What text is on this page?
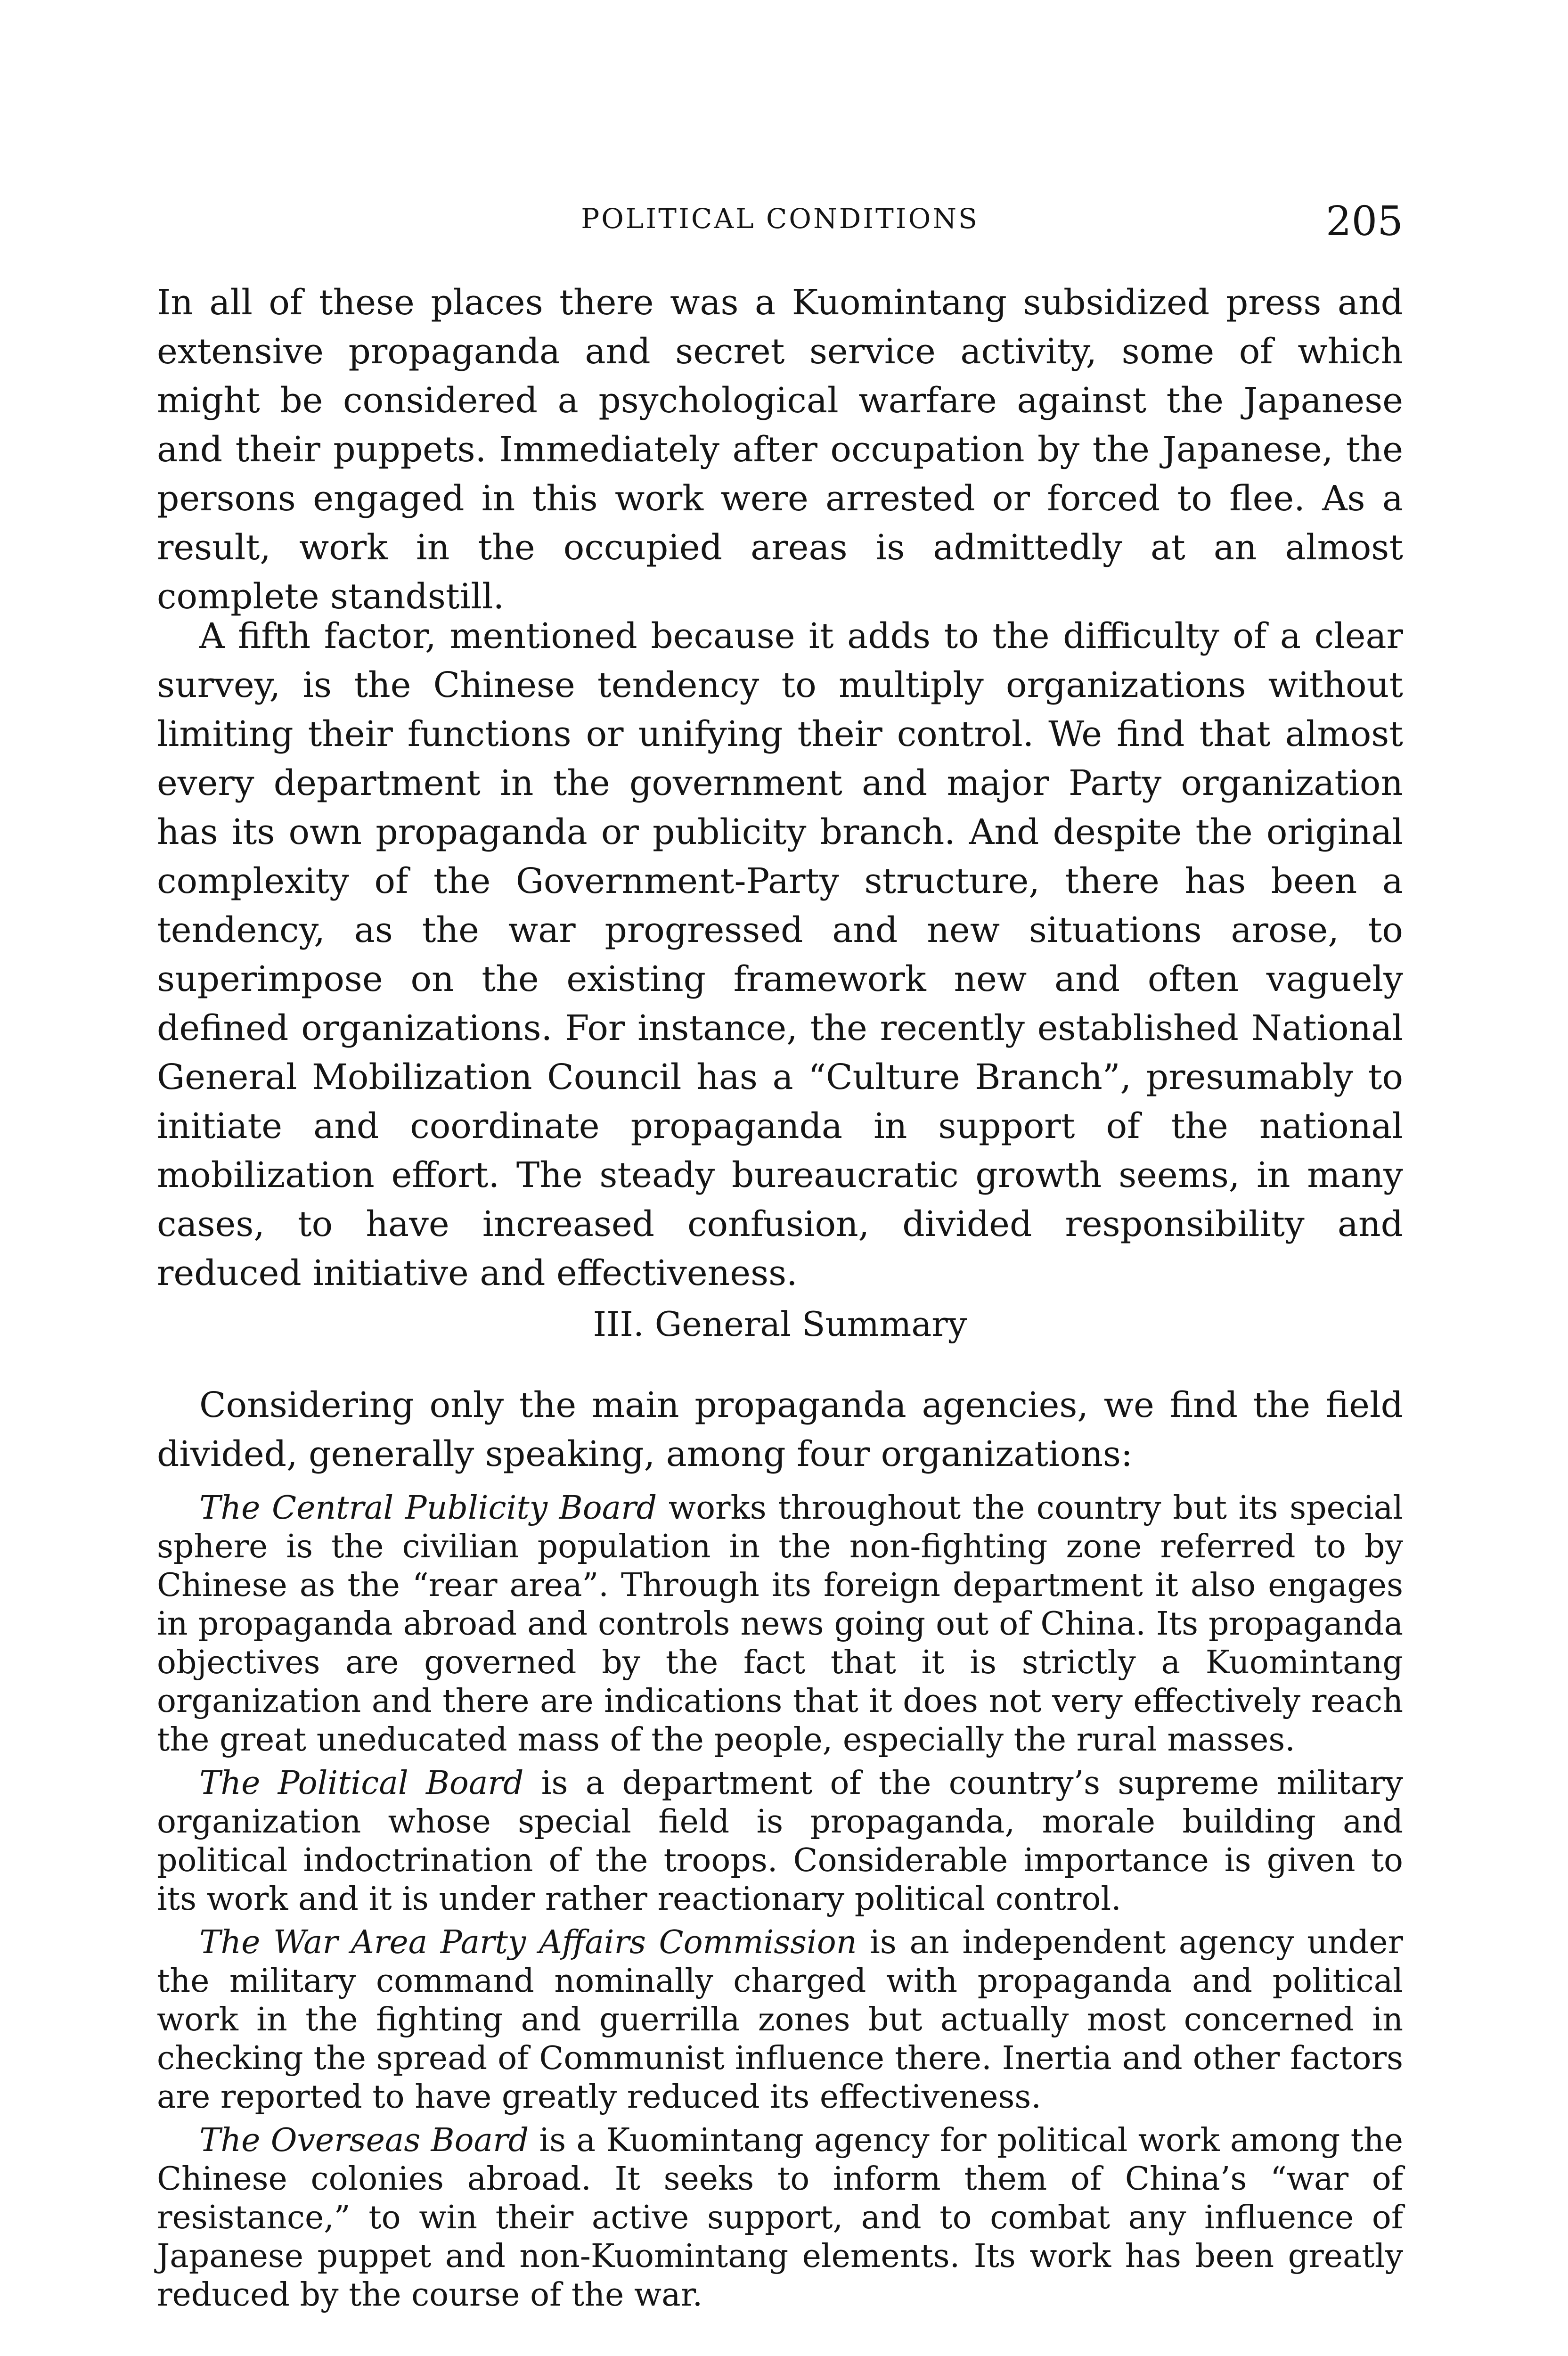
POLITICAL CONDITIONS	205

In all of these places there was a Kuomintang subsidized press and extensive propaganda and secret service activity, some of which might be considered a psychological warfare against the Japanese and their puppets. Immediately after occupation by the Japanese, the persons engaged in this work were arrested or forced to flee. As a result, work in the occupied areas is admittedly at an almost complete standstill.

A fifth factor, mentioned because it adds to the difficulty of a clear survey, is the Chinese tendency to multiply organizations without limiting their functions or unifying their control. We find that almost every department in the government and major Party organization has its own propaganda or publicity branch. And despite the original complexity of the Government-Party structure, there has been a tendency, as the war progressed and new situations arose, to superimpose on the existing framework new and often vaguely defined organizations. For instance, the recently established National General Mobilization Council has a “Culture Branch”, presumably to initiate and coordinate propaganda in support of the national mobilization effort. The steady bureaucratic growth seems, in many cases, to have increased confusion, divided responsibility and reduced initiative and effectiveness.

III. General Summary

Considering only the main propaganda agencies, we find the field divided, generally speaking, among four organizations:

The Central Publicity Board works throughout the country but its special sphere is the civilian population in the non-fighting zone referred to by Chinese as the “rear area”. Through its foreign department it also engages in propaganda abroad and controls news going out of China. Its propaganda objectives are governed by the fact that it is strictly a Kuomintang organization and there are indications that it does not very effectively reach the great uneducated mass of the people, especially the rural masses.

The Political Board is a department of the country’s supreme military organization whose special field is propaganda, morale building and political indoctrination of the troops. Considerable importance is given to its work and it is under rather reactionary political control.

The War Area Party Affairs Commission is an independent agency under the military command nominally charged with propaganda and political work in the fighting and guerrilla zones but actually most concerned in checking the spread of Communist influence there. Inertia and other factors are reported to have greatly reduced its effectiveness.

The Overseas Board is a Kuomintang agency for political work among the Chinese colonies abroad. It seeks to inform them of China’s “war of resistance,” to win their active support, and to combat any influence of Japanese puppet and non-Kuomintang elements. Its work has been greatly reduced by the course of the war.
